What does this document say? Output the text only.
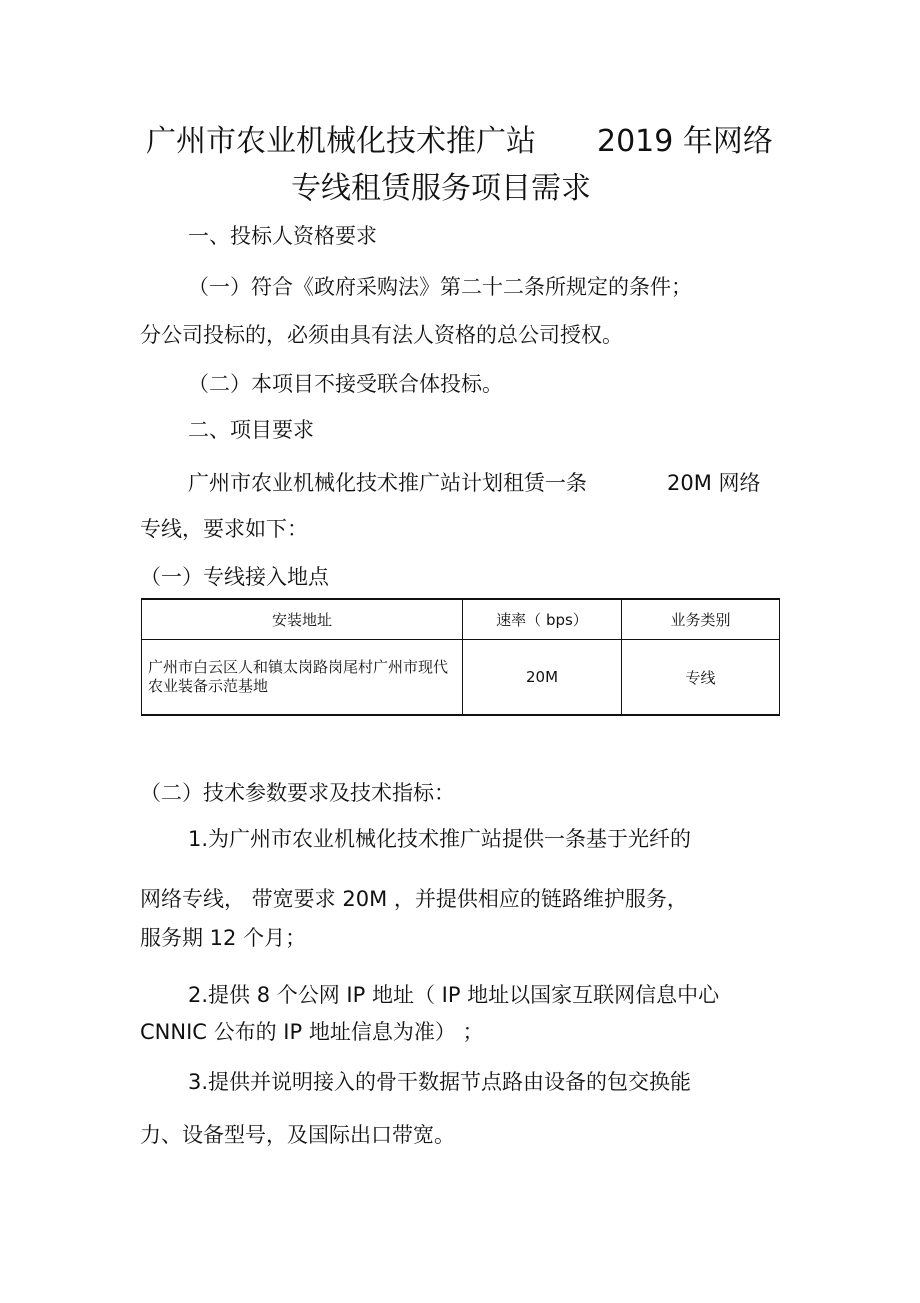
广州市农业机械化技术推广站 2019 年网络
专线租赁服务项目需求
一、投标人资格要求
（一）符合《政府采购法》第二十二条所规定的条件；
分公司投标的，必须由具有法人资格的总公司授权。
（二）本项目不接受联合体投标。
二、项目要求
广州市农业机械化技术推广站计划租赁一条	20M 网络
专线，要求如下：
（一）专线接入地点
安装地址	速率（ bps）	业务类别
广州市白云区人和镇太岗路岗尾村广州市现代农业装备示范基地	20M	专线
（二）技术参数要求及技术指标：
1.为广州市农业机械化技术推广站提供一条基于光纤的
网络专线， 带宽要求 20M ，并提供相应的链路维护服务，
服务期 12 个月；
2.提供 8 个公网 IP 地址（ IP 地址以国家互联网信息中心
CNNIC 公布的 IP 地址信息为准） ；
3.提供并说明接入的骨干数据节点路由设备的包交换能
力、设备型号，及国际出口带宽。
